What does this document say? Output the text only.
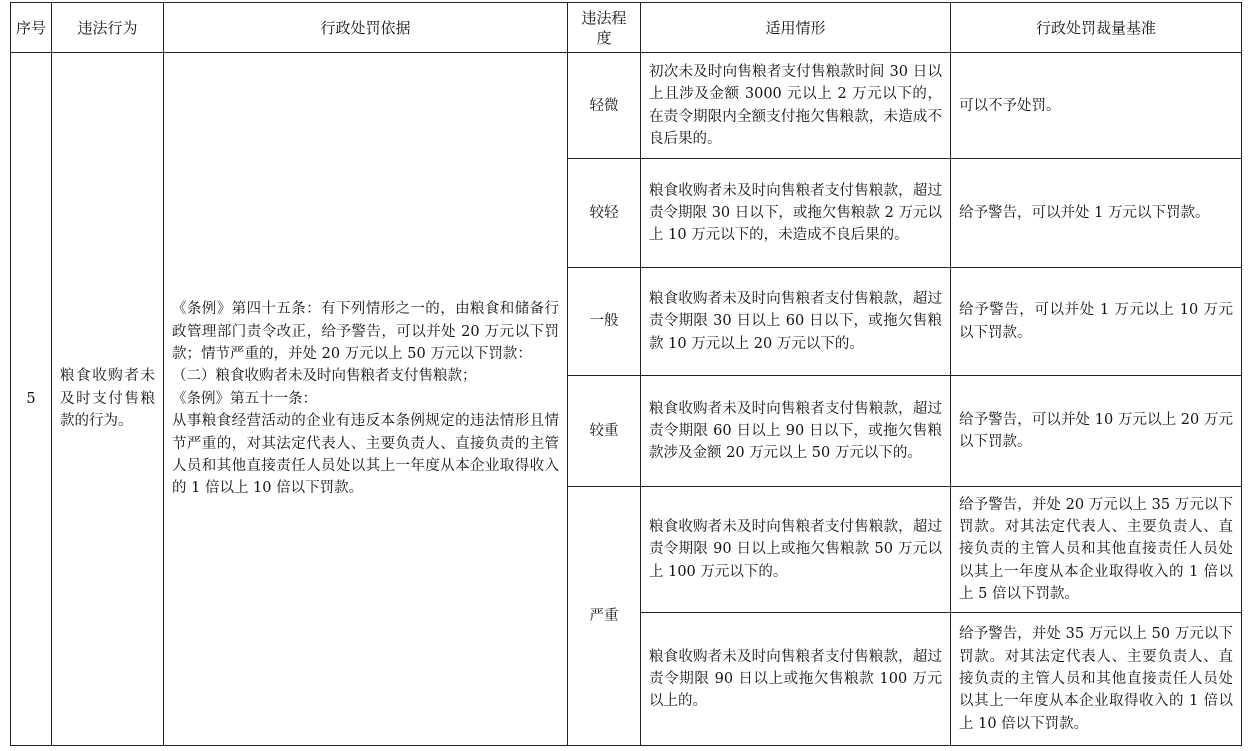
序号	违法行为	行政处罚依据	违法程度	适用情形	行政处罚裁量基准
5	粮食收购者未及时支付售粮款的行为。	《条例》第四十五条：有下列情形之一的，由粮食和储备行政管理部门责令改正，给予警告，可以并处 20 万元以下罚款；情节严重的，并处 20 万元以上 50 万元以下罚款：
（二）粮食收购者未及时向售粮者支付售粮款；
《条例》第五十一条：
从事粮食经营活动的企业有违反本条例规定的违法情形且情节严重的，对其法定代表人、主要负责人、直接负责的主管人员和其他直接责任人员处以其上一年度从本企业取得收入的 1 倍以上 10 倍以下罚款。	轻微	初次未及时向售粮者支付售粮款时间 30 日以上且涉及金额 3000 元以上 2 万元以下的，在责令期限内全额支付拖欠售粮款，未造成不良后果的。	可以不予处罚。
			较轻	粮食收购者未及时向售粮者支付售粮款，超过责令期限 30 日以下，或拖欠售粮款 2 万元以上 10 万元以下的，未造成不良后果的。	给予警告，可以并处 1 万元以下罚款。
			一般	粮食收购者未及时向售粮者支付售粮款，超过责令期限 30 日以上 60 日以下，或拖欠售粮款 10 万元以上 20 万元以下的。	给予警告，可以并处 1 万元以上 10 万元以下罚款。
			较重	粮食收购者未及时向售粮者支付售粮款，超过责令期限 60 日以上 90 日以下，或拖欠售粮款涉及金额 20 万元以上 50 万元以下的。	给予警告，可以并处 10 万元以上 20 万元以下罚款。
			严重	粮食收购者未及时向售粮者支付售粮款，超过责令期限 90 日以上或拖欠售粮款 50 万元以上 100 万元以下的。	给予警告，并处 20 万元以上 35 万元以下罚款。对其法定代表人、主要负责人、直接负责的主管人员和其他直接责任人员处以其上一年度从本企业取得收入的 1 倍以上 5 倍以下罚款。
				粮食收购者未及时向售粮者支付售粮款，超过责令期限 90 日以上或拖欠售粮款 100 万元以上的。	给予警告，并处 35 万元以上 50 万元以下罚款。对其法定代表人、主要负责人、直接负责的主管人员和其他直接责任人员处以其上一年度从本企业取得收入的 1 倍以上 10 倍以下罚款。
